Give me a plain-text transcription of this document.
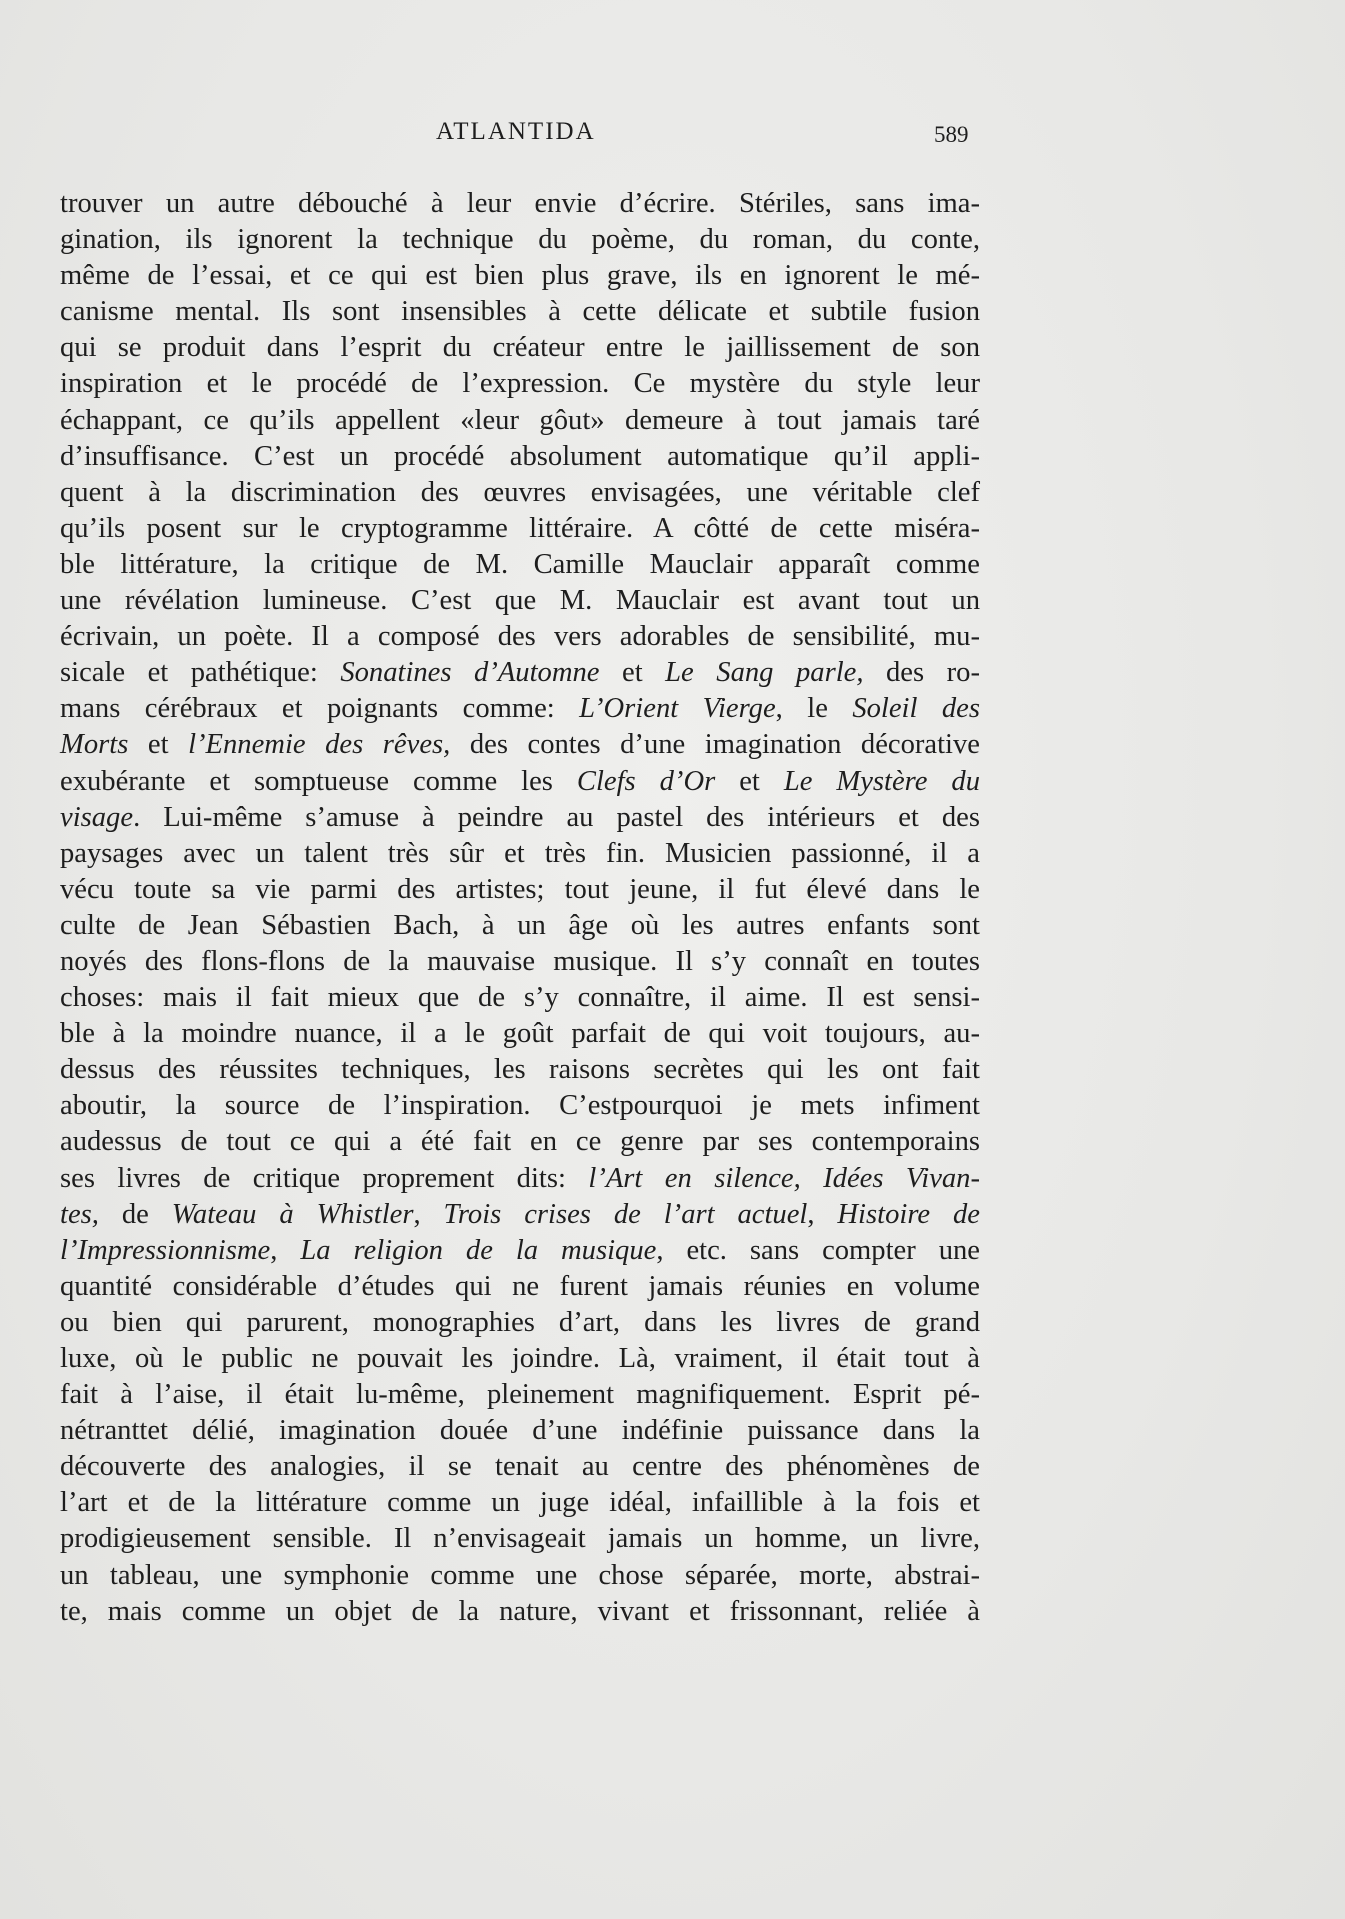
ATLANTIDA	589
trouver un autre débouché à leur envie d’écrire. Stériles, sans ima-
gination, ils ignorent la technique du poème, du roman, du conte,
même de l’essai, et ce qui est bien plus grave, ils en ignorent le mé-
canisme mental. Ils sont insensibles à cette délicate et subtile fusion
qui se produit dans l’esprit du créateur entre le jaillissement de son
inspiration et le procédé de l’expression. Ce mystère du style leur
échappant, ce qu’ils appellent «leur gôut» demeure à tout jamais taré
d’insuffisance. C’est un procédé absolument automatique qu’il appli-
quent à la discrimination des œuvres envisagées, une véritable clef
qu’ils posent sur le cryptogramme littéraire. A côtté de cette miséra-
ble littérature, la critique de M. Camille Mauclair apparaît comme
une révélation lumineuse. C’est que M. Mauclair est avant tout un
écrivain, un poète. Il a composé des vers adorables de sensibilité, mu-
sicale et pathétique: Sonatines d’Automne et Le Sang parle, des ro-
mans cérébraux et poignants comme: L’Orient Vierge, le Soleil des
Morts et l’Ennemie des rêves, des contes d’une imagination décorative
exubérante et somptueuse comme les Clefs d’Or et Le Mystère du
visage. Lui-même s’amuse à peindre au pastel des intérieurs et des
paysages avec un talent très sûr et très fin. Musicien passionné, il a
vécu toute sa vie parmi des artistes; tout jeune, il fut élevé dans le
culte de Jean Sébastien Bach, à un âge où les autres enfants sont
noyés des flons-flons de la mauvaise musique. Il s’y connaît en toutes
choses: mais il fait mieux que de s’y connaître, il aime. Il est sensi-
ble à la moindre nuance, il a le goût parfait de qui voit toujours, au-
dessus des réussites techniques, les raisons secrètes qui les ont fait
aboutir, la source de l’inspiration. C’estpourquoi je mets infiment
audessus de tout ce qui a été fait en ce genre par ses contemporains
ses livres de critique proprement dits: l’Art en silence, Idées Vivan-
tes, de Wateau à Whistler, Trois crises de l’art actuel, Histoire de
l’Impressionnisme, La religion de la musique, etc. sans compter une
quantité considérable d’études qui ne furent jamais réunies en volume
ou bien qui parurent, monographies d’art, dans les livres de grand
luxe, où le public ne pouvait les joindre. Là, vraiment, il était tout à
fait à l’aise, il était lu-même, pleinement magnifiquement. Esprit pé-
nétranttet délié, imagination douée d’une indéfinie puissance dans la
découverte des analogies, il se tenait au centre des phénomènes de
l’art et de la littérature comme un juge idéal, infaillible à la fois et
prodigieusement sensible. Il n’envisageait jamais un homme, un livre,
un tableau, une symphonie comme une chose séparée, morte, abstrai-
te, mais comme un objet de la nature, vivant et frissonnant, reliée à
